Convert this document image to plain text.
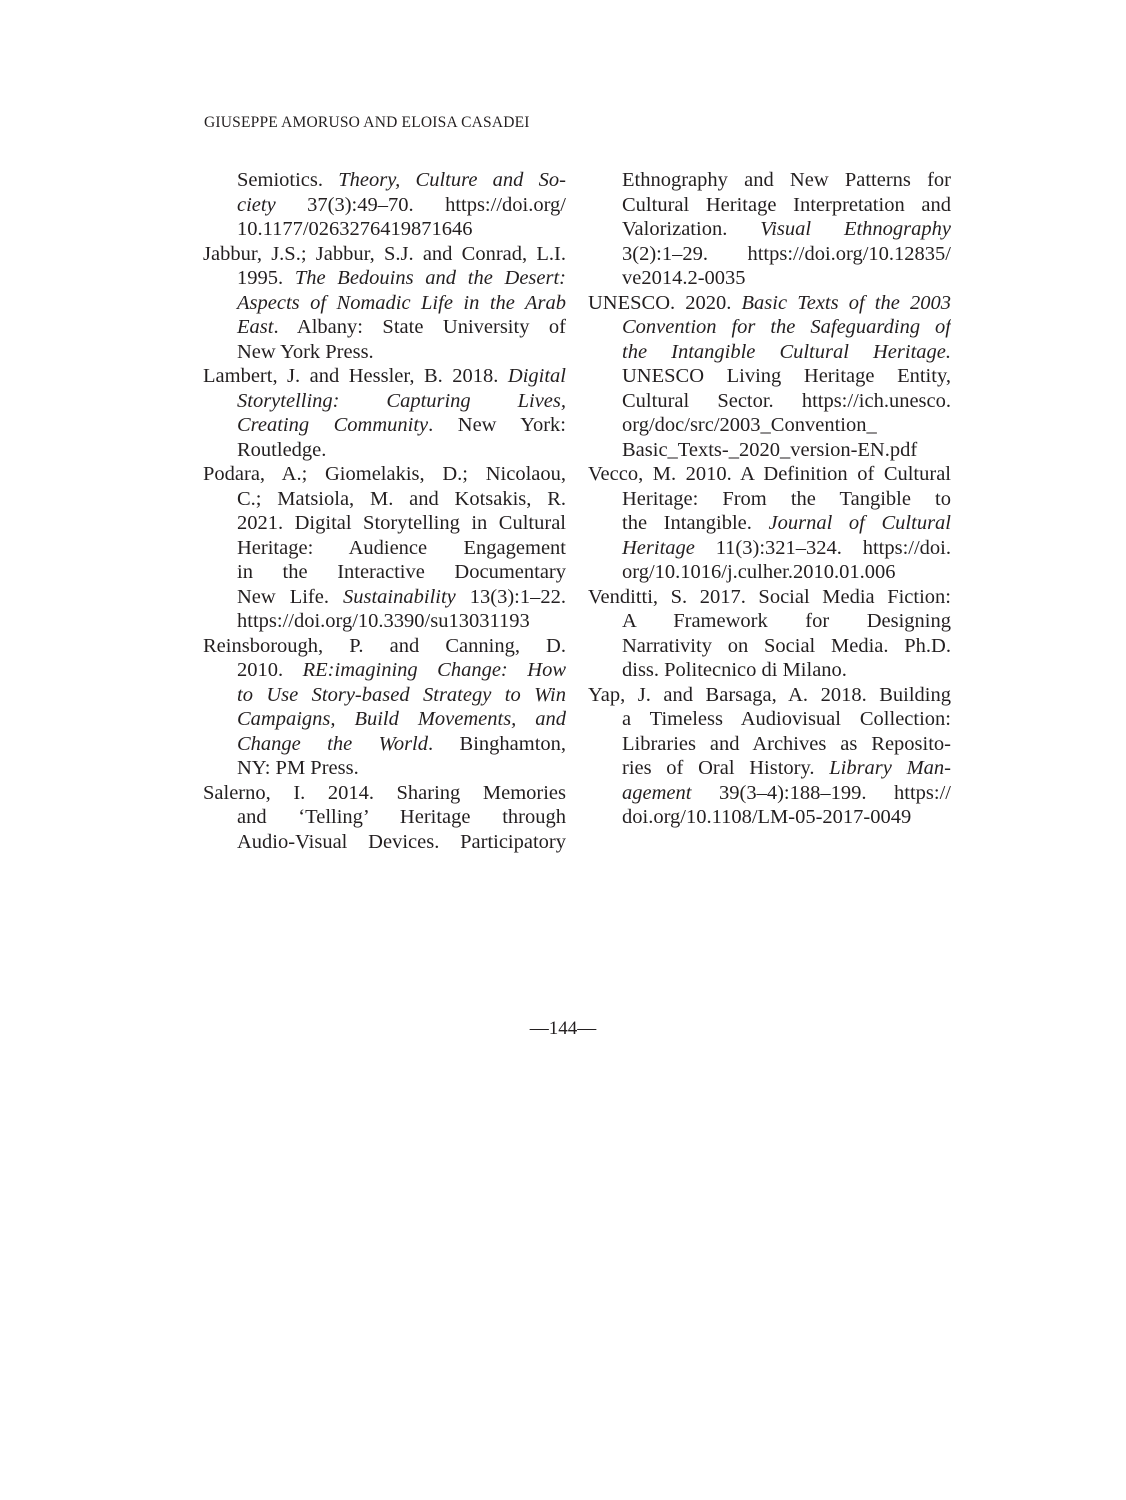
GIUSEPPE AMORUSO AND ELOISA CASADEI
Semiotics. Theory, Culture and So-
ciety 37(3):49–70. https://doi.org/
10.1177/0263276419871646
Jabbur, J.S.; Jabbur, S.J. and Conrad, L.I.
1995. The Bedouins and the Desert:
Aspects of Nomadic Life in the Arab
East. Albany: State University of
New York Press.
Lambert, J. and Hessler, B. 2018. Digital
Storytelling: Capturing Lives,
Creating Community. New York:
Routledge.
Podara, A.; Giomelakis, D.; Nicolaou,
C.; Matsiola, M. and Kotsakis, R.
2021. Digital Storytelling in Cultural
Heritage: Audience Engagement
in the Interactive Documentary
New Life. Sustainability 13(3):1–22.
https://doi.org/10.3390/su13031193
Reinsborough, P. and Canning, D.
2010. RE:imagining Change: How
to Use Story-based Strategy to Win
Campaigns, Build Movements, and
Change the World. Binghamton,
NY: PM Press.
Salerno, I. 2014. Sharing Memories
and ‘Telling’ Heritage through
Audio-Visual Devices. Participatory
Ethnography and New Patterns for
Cultural Heritage Interpretation and
Valorization. Visual Ethnography
3(2):1–29. https://doi.org/10.12835/
ve2014.2-0035
UNESCO. 2020. Basic Texts of the 2003
Convention for the Safeguarding of
the Intangible Cultural Heritage.
UNESCO Living Heritage Entity,
Cultural Sector. https://ich.unesco.
org/doc/src/2003_Convention_
Basic_Texts-_2020_version-EN.pdf
Vecco, M. 2010. A Definition of Cultural
Heritage: From the Tangible to
the Intangible. Journal of Cultural
Heritage 11(3):321–324. https://doi.
org/10.1016/j.culher.2010.01.006
Venditti, S. 2017. Social Media Fiction:
A Framework for Designing
Narrativity on Social Media. Ph.D.
diss. Politecnico di Milano.
Yap, J. and Barsaga, A. 2018. Building
a Timeless Audiovisual Collection:
Libraries and Archives as Reposito-
ries of Oral History. Library Man-
agement 39(3–4):188–199. https://
doi.org/10.1108/LM-05-2017-0049
—144—
